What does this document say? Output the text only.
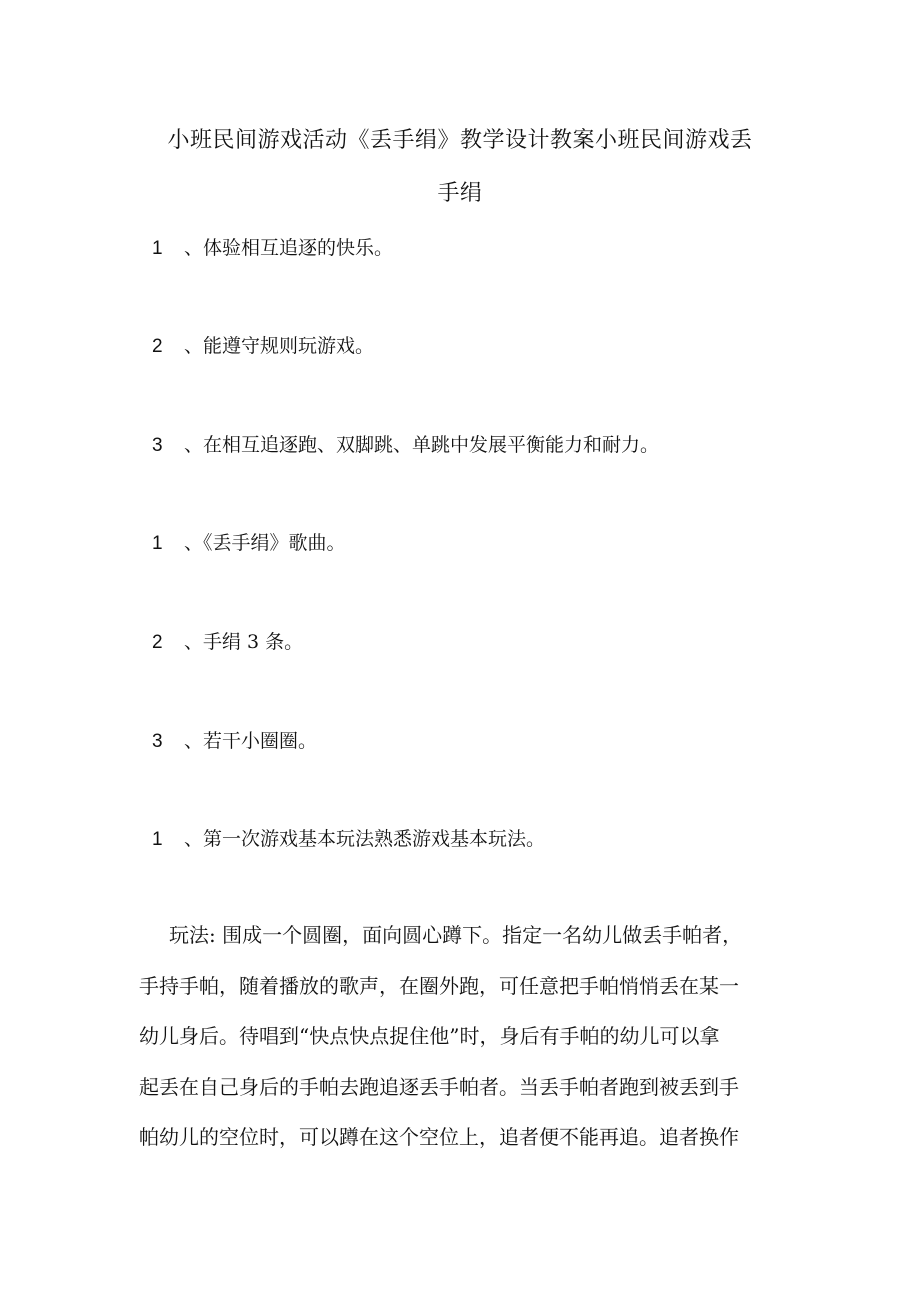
小班民间游戏活动《丢手绢》教学设计教案小班民间游戏丢
手绢
1 、体验相互追逐的快乐。
2 、能遵守规则玩游戏。
3 、在相互追逐跑、双脚跳、单跳中发展平衡能力和耐力。
1 、《丢手绢》歌曲。
2 、手绢 3 条。
3 、若干小圈圈。
1 、第一次游戏基本玩法熟悉游戏基本玩法。
玩法: 围成一个圆圈，面向圆心蹲下。指定一名幼儿做丢手帕者，
手持手帕，随着播放的歌声，在圈外跑，可任意把手帕悄悄丢在某一
幼儿身后。待唱到“快点快点捉住他”时，身后有手帕的幼儿可以拿
起丢在自己身后的手帕去跑追逐丢手帕者。当丢手帕者跑到被丢到手
帕幼儿的空位时，可以蹲在这个空位上，追者便不能再追。追者换作
